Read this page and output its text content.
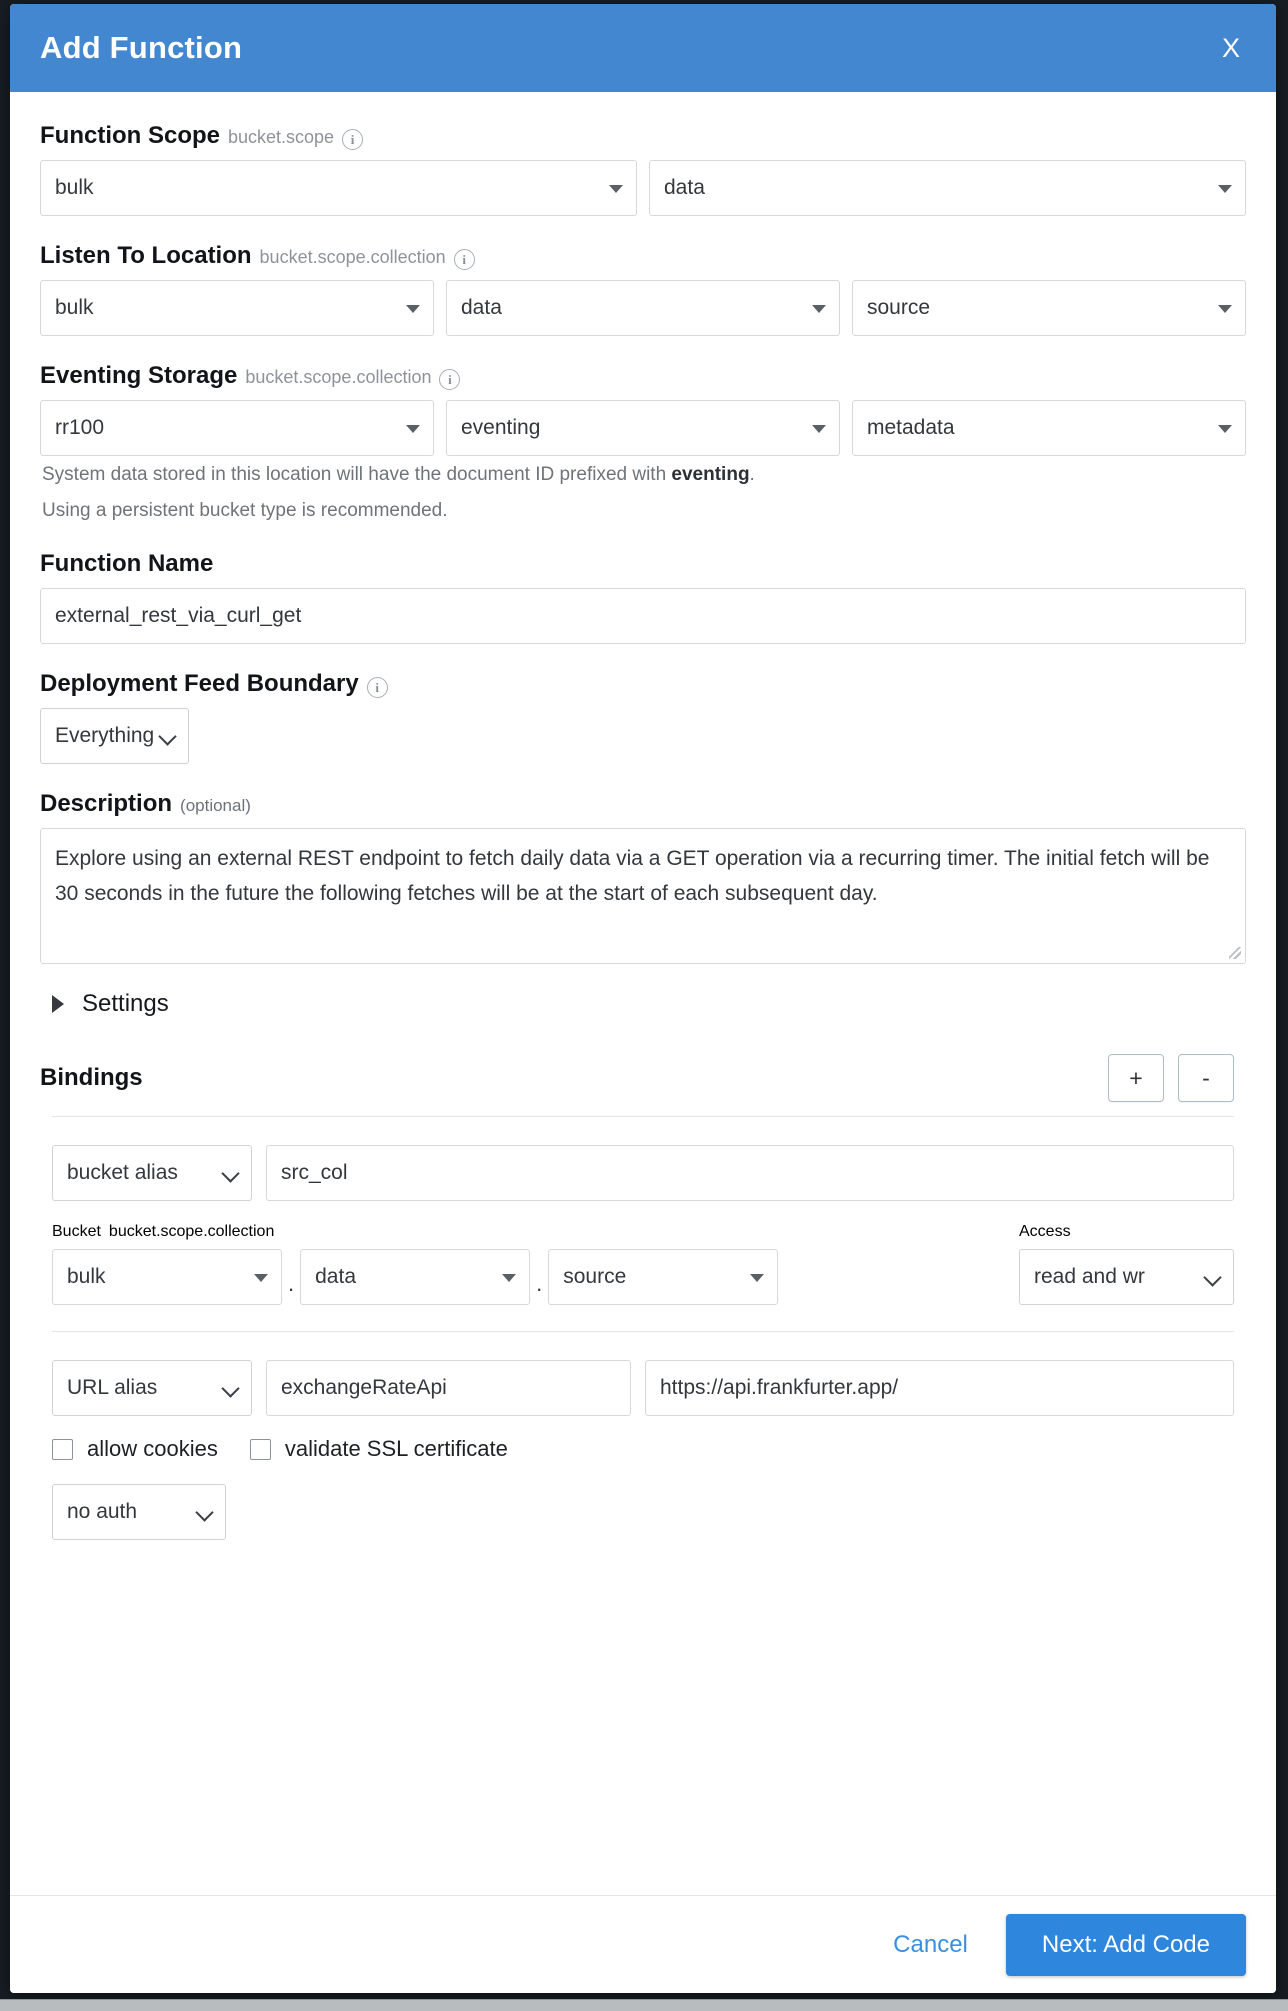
Add Function	X
Function Scope bucket.scope	i
bulk	data
Listen To Location bucket.scope.collection	i
bulk	data	source
Eventing Storage bucket.scope.collection	i
rr100	eventing	metadata

System data stored in this location will have the document ID prefixed with eventing.

Using a persistent bucket type is recommended.

Function Name
external_rest_via_curl_get
Deployment Feed Boundary	i
Everything
Description (optional)
Explore using an external REST endpoint to fetch daily data via a GET operation via a recurring timer. The initial fetch will be 30 seconds in the future the following fetches will be at the start of each subsequent day.
Settings
Bindings	+	-
bucket alias	src_col
Bucket bucket.scope.collection	Access
bulk	.	data	.	source	read and wr
URL alias	exchangeRateApi	https://api.frankfurter.app/
allow cookies	validate SSL certificate
no auth
Cancel	Next: Add Code
